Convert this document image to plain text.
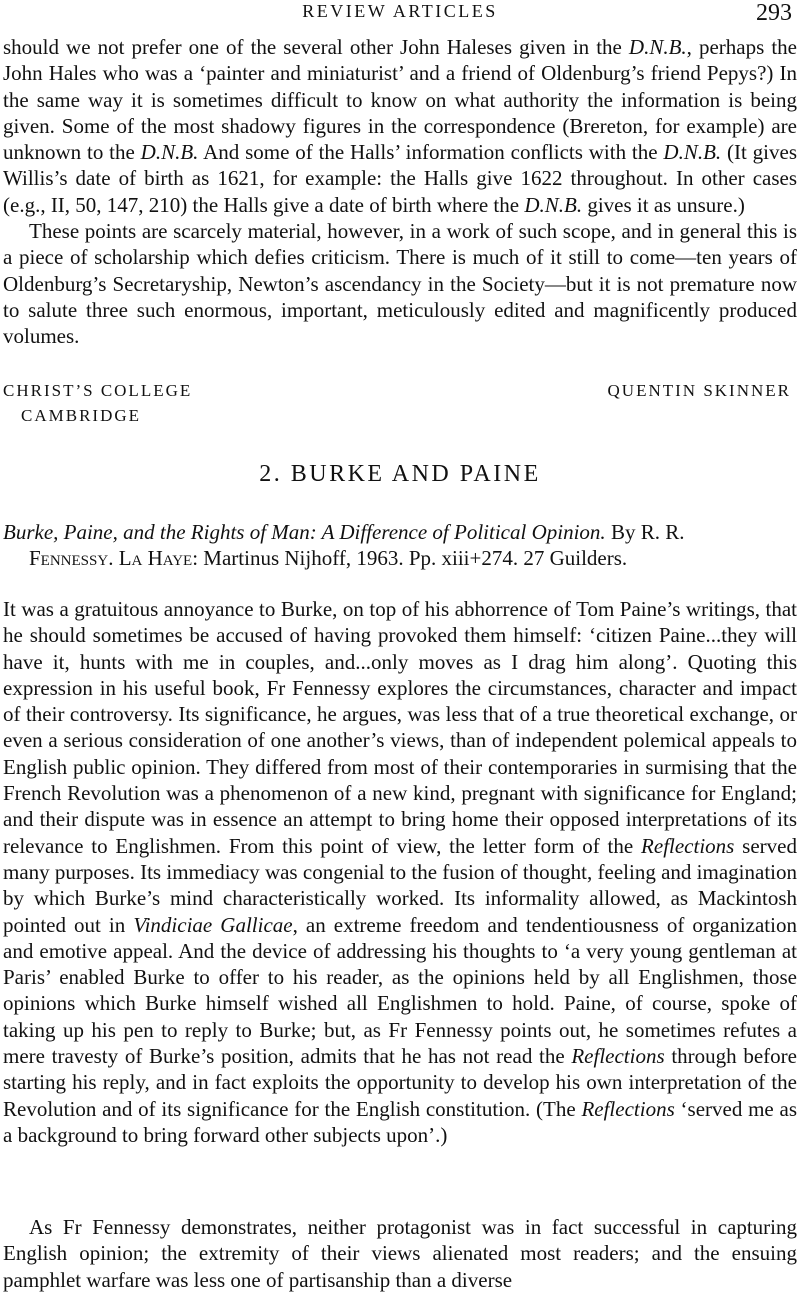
REVIEW ARTICLES	293

should we not prefer one of the several other John Haleses given in the D.N.B., perhaps the John Hales who was a ‘painter and miniaturist’ and a friend of Oldenburg’s friend Pepys?) In the same way it is sometimes difficult to know on what authority the information is being given. Some of the most shadowy figures in the correspondence (Brereton, for example) are unknown to the D.N.B. And some of the Halls’ information conflicts with the D.N.B. (It gives Willis’s date of birth as 1621, for example: the Halls give 1622 throughout. In other cases (e.g., II, 50, 147, 210) the Halls give a date of birth where the D.N.B. gives it as unsure.)

These points are scarcely material, however, in a work of such scope, and in general this is a piece of scholarship which defies criticism. There is much of it still to come—ten years of Oldenburg’s Secretaryship, Newton’s ascendancy in the Society—but it is not premature now to salute three such enormous, important, meticulously edited and magnificently produced volumes.

CHRIST’S COLLEGE
CAMBRIDGE
QUENTIN SKINNER
2. BURKE AND PAINE

Burke, Paine, and the Rights of Man: A Difference of Political Opinion. By R. R.
Fennessy. La Haye: Martinus Nijhoff, 1963. Pp. xiii+274. 27 Guilders.

It was a gratuitous annoyance to Burke, on top of his abhorrence of Tom Paine’s writings, that he should sometimes be accused of having provoked them himself: ‘citizen Paine...they will have it, hunts with me in couples, and...only moves as I drag him along’. Quoting this expression in his useful book, Fr Fennessy explores the circumstances, character and impact of their controversy. Its significance, he argues, was less that of a true theoretical exchange, or even a serious consideration of one another’s views, than of independent polemical appeals to English public opinion. They differed from most of their contemporaries in surmising that the French Revolution was a phenomenon of a new kind, pregnant with significance for England; and their dispute was in essence an attempt to bring home their opposed interpretations of its relevance to Englishmen. From this point of view, the letter form of the Reflections served many purposes. Its immediacy was congenial to the fusion of thought, feeling and imagination by which Burke’s mind characteristically worked. Its informality allowed, as Mackintosh pointed out in Vindiciae Gallicae, an extreme freedom and tendentiousness of organization and emotive appeal. And the device of addressing his thoughts to ‘a very young gentleman at Paris’ enabled Burke to offer to his reader, as the opinions held by all Englishmen, those opinions which Burke himself wished all Englishmen to hold. Paine, of course, spoke of taking up his pen to reply to Burke; but, as Fr Fennessy points out, he sometimes refutes a mere travesty of Burke’s position, admits that he has not read the Reflections through before starting his reply, and in fact exploits the opportunity to develop his own interpretation of the Revolution and of its significance for the English constitution. (The Reflections ‘served me as a background to bring forward other subjects upon’.)

As Fr Fennessy demonstrates, neither protagonist was in fact successful in capturing English opinion; the extremity of their views alienated most readers; and the ensuing pamphlet warfare was less one of partisanship than a diverse
